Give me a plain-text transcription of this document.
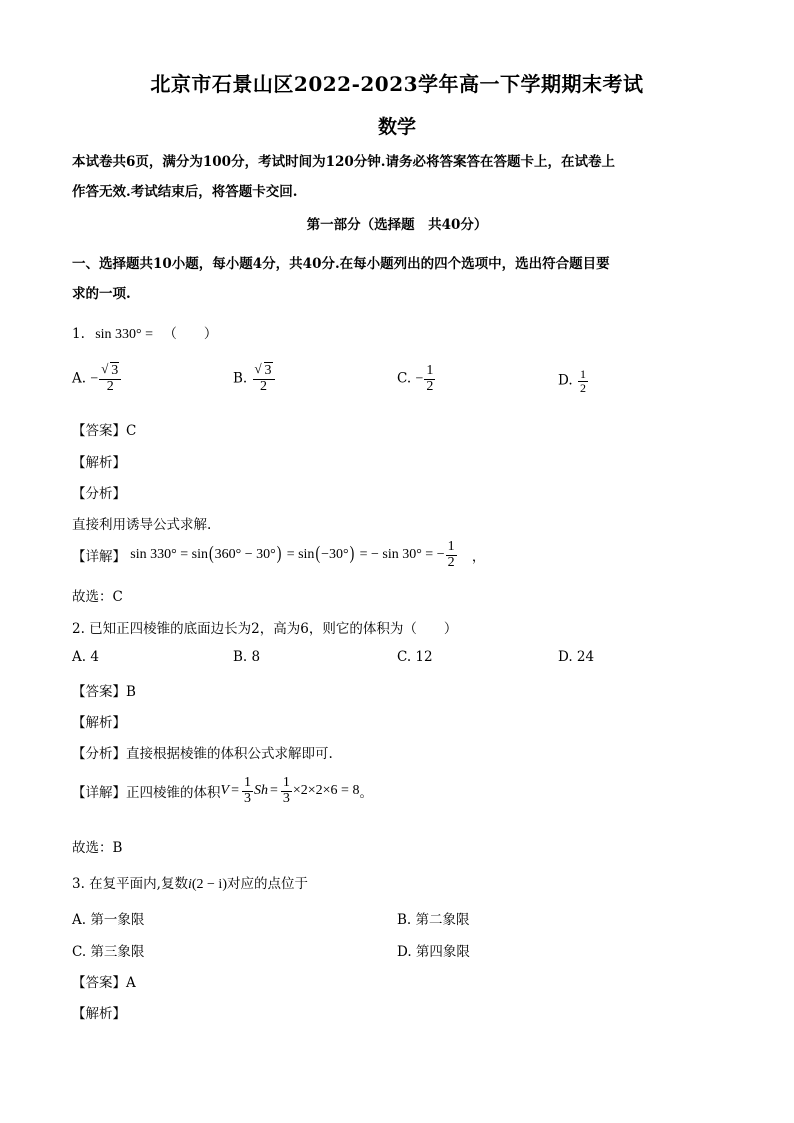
北京市石景山区2022-2023学年高一下学期期末考试
数学
本试卷共6页，满分为100分，考试时间为120分钟.请务必将答案答在答题卡上，在试卷上
作答无效.考试结束后，将答题卡交回.
第一部分（选择题　共40分）
一、选择题共10小题，每小题4分，共40分.在每小题列出的四个选项中，选出符合题目要
求的一项.
1. sin 330° = （　　）
A. − $\frac{√ 3}{2}$	B. $\frac{√ 3}{2}$	C. − $\frac{1}{2}$	D. $\frac{1}{2}$
【答案】C
【解析】
【分析】
直接利用诱导公式求解.
【详解】 sin 330° = sin(360° − 30°) = sin(−30°) = − sin 30° = − $\frac{1}{2}$ ，
故选：C
2. 已知正四棱锥的底面边长为2，高为6，则它的体积为（　　）
A. 4	B. 8	C. 12	D. 24
【答案】B
【解析】
【分析】直接根据棱锥的体积公式求解即可.
【详解】正四棱锥的体积$V = \frac{1}{3}$ $Sh = \frac{1}{3} \times 2\times 2\times 6 = 8$。
故选：B
3. 在复平面内,复数i(2 − i)对应的点位于
A. 第一象限	B. 第二象限
C. 第三象限	D. 第四象限
【答案】A
【解析】
